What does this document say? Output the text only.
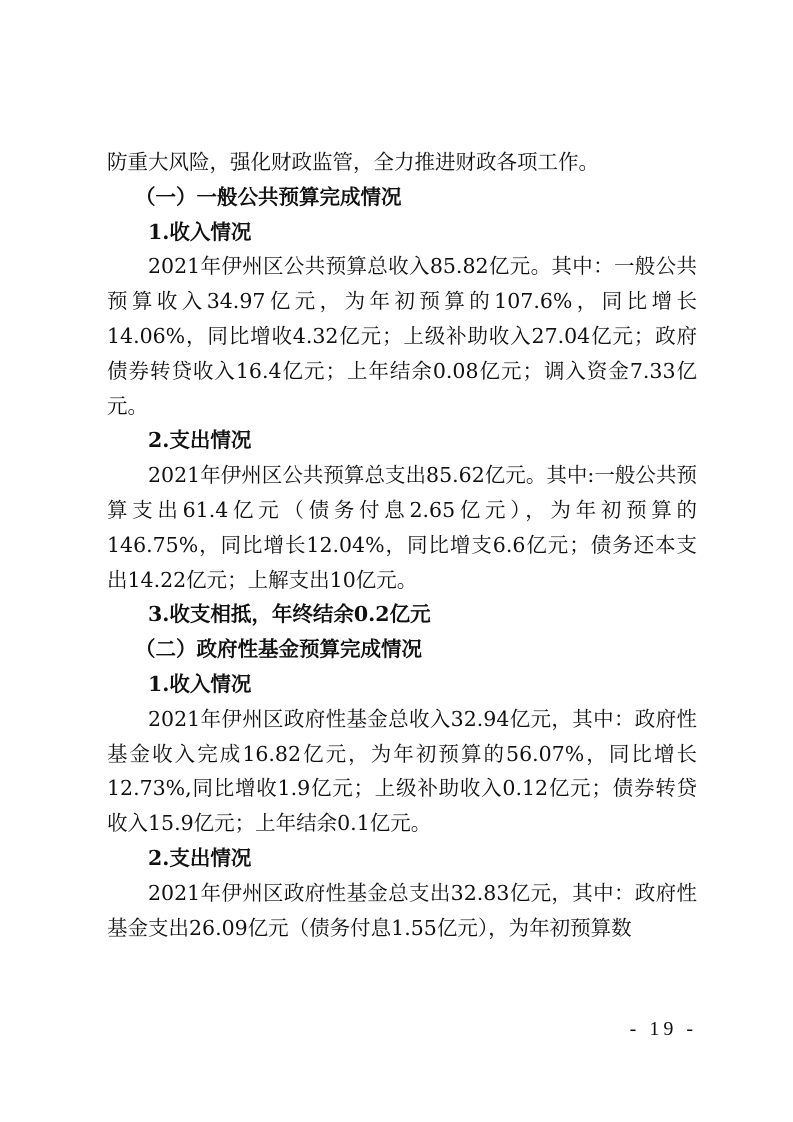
防重大风险，强化财政监管，全力推进财政各项工作。

（一）一般公共预算完成情况

1.收入情况

2021年伊州区公共预算总收入85.82亿元。其中：一般公共预算收入34.97亿元，为年初预算的107.6%，同比增长14.06%，同比增收4.32亿元；上级补助收入27.04亿元；政府债券转贷收入16.4亿元；上年结余0.08亿元；调入资金7.33亿元。

2.支出情况

2021年伊州区公共预算总支出85.62亿元。其中:一般公共预算支出61.4亿元（债务付息2.65亿元），为年初预算的146.75%，同比增长12.04%，同比增支6.6亿元；债务还本支出14.22亿元；上解支出10亿元。

3.收支相抵，年终结余0.2亿元

（二）政府性基金预算完成情况

1.收入情况

2021年伊州区政府性基金总收入32.94亿元，其中：政府性基金收入完成16.82亿元，为年初预算的56.07%，同比增长12.73%,同比增收1.9亿元；上级补助收入0.12亿元；债券转贷收入15.9亿元；上年结余0.1亿元。

2.支出情况

2021年伊州区政府性基金总支出32.83亿元，其中：政府性基金支出26.09亿元（债务付息1.55亿元），为年初预算数

- 19 -
